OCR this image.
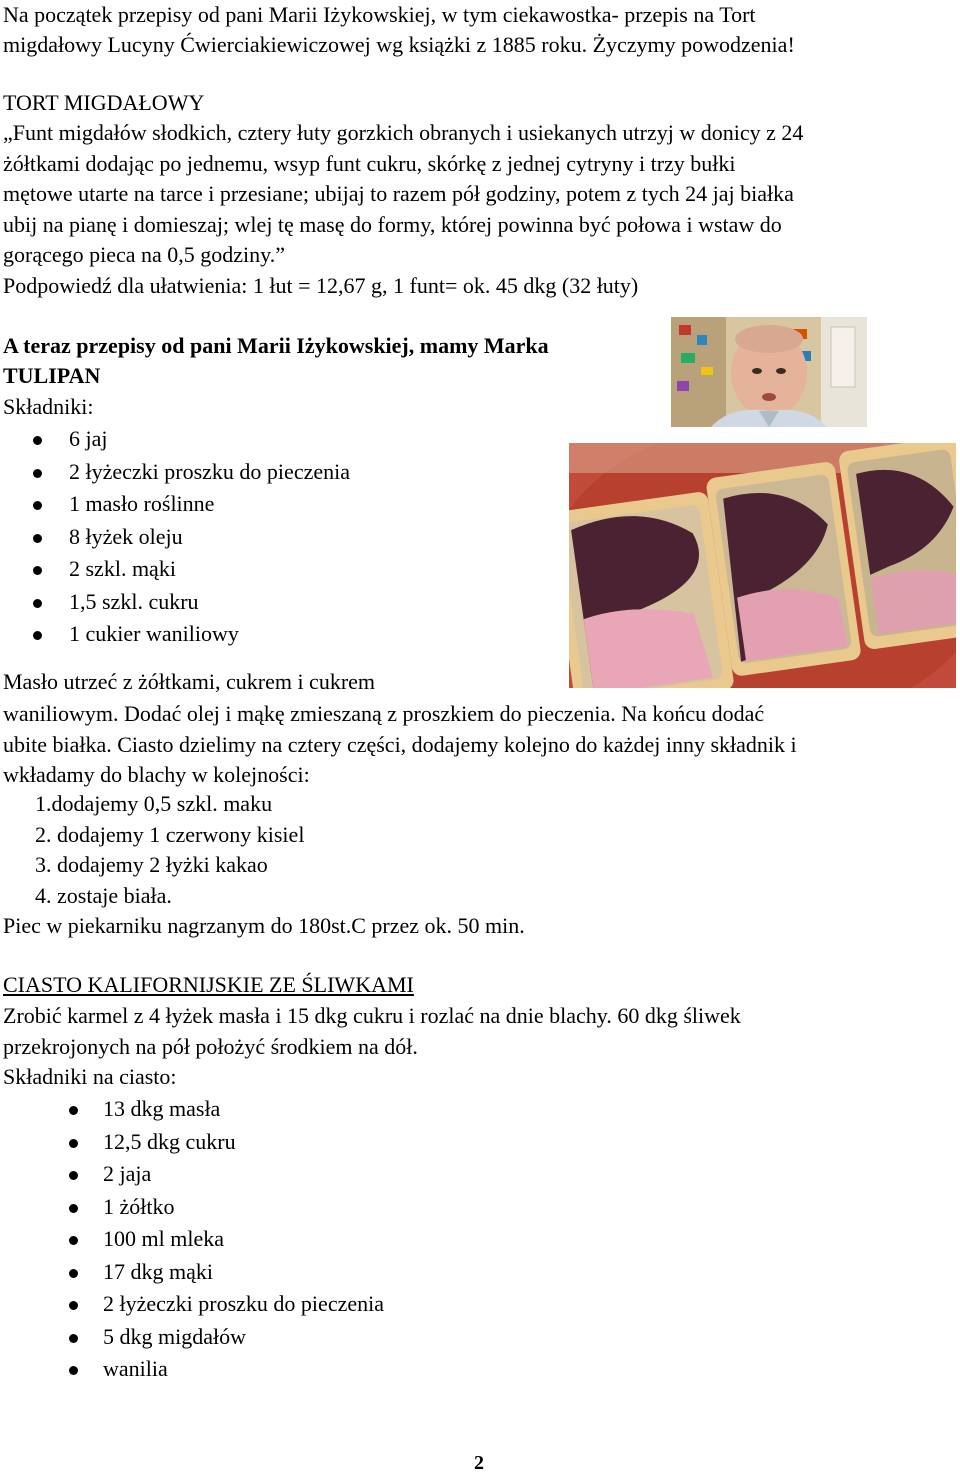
Na początek przepisy od pani Marii Iżykowskiej, w tym ciekawostka- przepis na Tort
migdałowy Lucyny Ćwierciakiewiczowej wg książki z 1885 roku. Życzymy powodzenia!
TORT MIGDAŁOWY
„Funt migdałów słodkich, cztery łuty gorzkich obranych i usiekanych utrzyj w donicy z 24
żółtkami dodając po jednemu, wsyp funt cukru, skórkę z jednej cytryny i trzy bułki
mętowe utarte na tarce i przesiane; ubijaj to razem pół godziny, potem z tych 24 jaj białka
ubij na pianę i domieszaj; wlej tę masę do formy, której powinna być połowa i wstaw do
gorącego pieca na 0,5 godziny.”
Podpowiedź dla ułatwienia: 1 łut = 12,67 g, 1 funt= ok. 45 dkg (32 łuty)
A teraz przepisy od pani Marii Iżykowskiej, mamy Marka
TULIPAN
Składniki:
6 jaj
2 łyżeczki proszku do pieczenia
1 masło roślinne
8 łyżek oleju
2 szkl. mąki
1,5 szkl. cukru
1 cukier waniliowy
Masło utrzeć z żółtkami, cukrem i cukrem
waniliowym. Dodać olej i mąkę zmieszaną z proszkiem do pieczenia. Na końcu dodać
ubite białka. Ciasto dzielimy na cztery części, dodajemy kolejno do każdej inny składnik i
wkładamy do blachy w kolejności:
1.dodajemy 0,5 szkl. maku
2. dodajemy 1 czerwony kisiel
3. dodajemy 2 łyżki kakao
4. zostaje biała.
Piec w piekarniku nagrzanym do 180st.C przez ok. 50 min.
CIASTO KALIFORNIJSKIE ZE ŚLIWKAMI
Zrobić karmel z 4 łyżek masła i 15 dkg cukru i rozlać na dnie blachy. 60 dkg śliwek
przekrojonych na pół położyć środkiem na dół.
Składniki na ciasto:
13 dkg masła
12,5 dkg cukru
2 jaja
1 żółtko
100 ml mleka
17 dkg mąki
2 łyżeczki proszku do pieczenia
5 dkg migdałów
wanilia
2
